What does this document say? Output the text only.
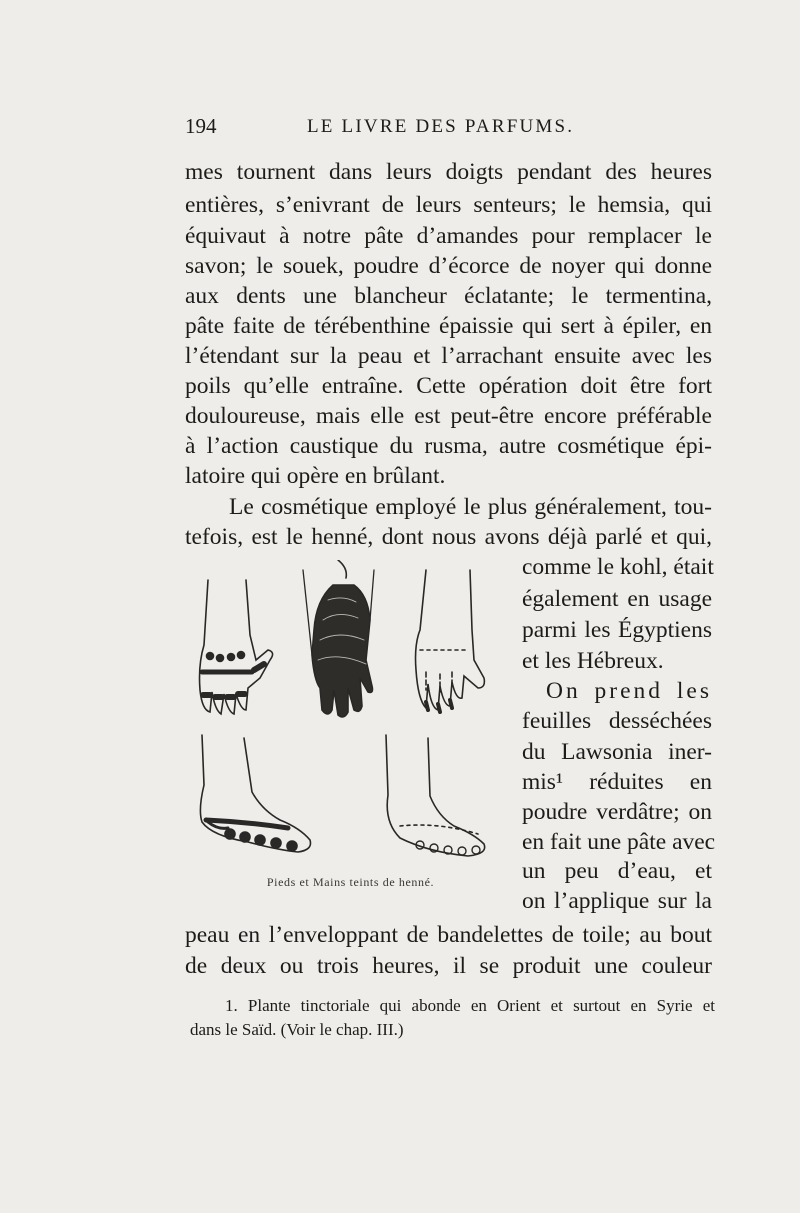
194	LE LIVRE DES PARFUMS.
mes tournent dans leurs doigts pendant des heures
entières, s’enivrant de leurs senteurs; le hemsia, qui
équivaut à notre pâte d’amandes pour remplacer le
savon; le souek, poudre d’écorce de noyer qui donne
aux dents une blancheur éclatante; le termentina,
pâte faite de térébenthine épaissie qui sert à épiler, en
l’étendant sur la peau et l’arrachant ensuite avec les
poils qu’elle entraîne. Cette opération doit être fort
douloureuse, mais elle est peut-être encore préférable
à l’action caustique du rusma, autre cosmétique épi-
latoire qui opère en brûlant.
Le cosmétique employé le plus généralement, tou-
tefois, est le henné, dont nous avons déjà parlé et qui,
comme le kohl, était
également en usage
parmi les Égyptiens
et les Hébreux.
On prend les
feuilles desséchées
du Lawsonia iner-
mis¹ réduites en
poudre verdâtre; on
en fait une pâte avec
un peu d’eau, et
on l’applique sur la
peau en l’enveloppant de bandelettes de toile; au bout
de deux ou trois heures, il se produit une couleur
Pieds et Mains teints de henné.
1. Plante tinctoriale qui abonde en Orient et surtout en Syrie et
dans le Saïd. (Voir le chap. III.)
